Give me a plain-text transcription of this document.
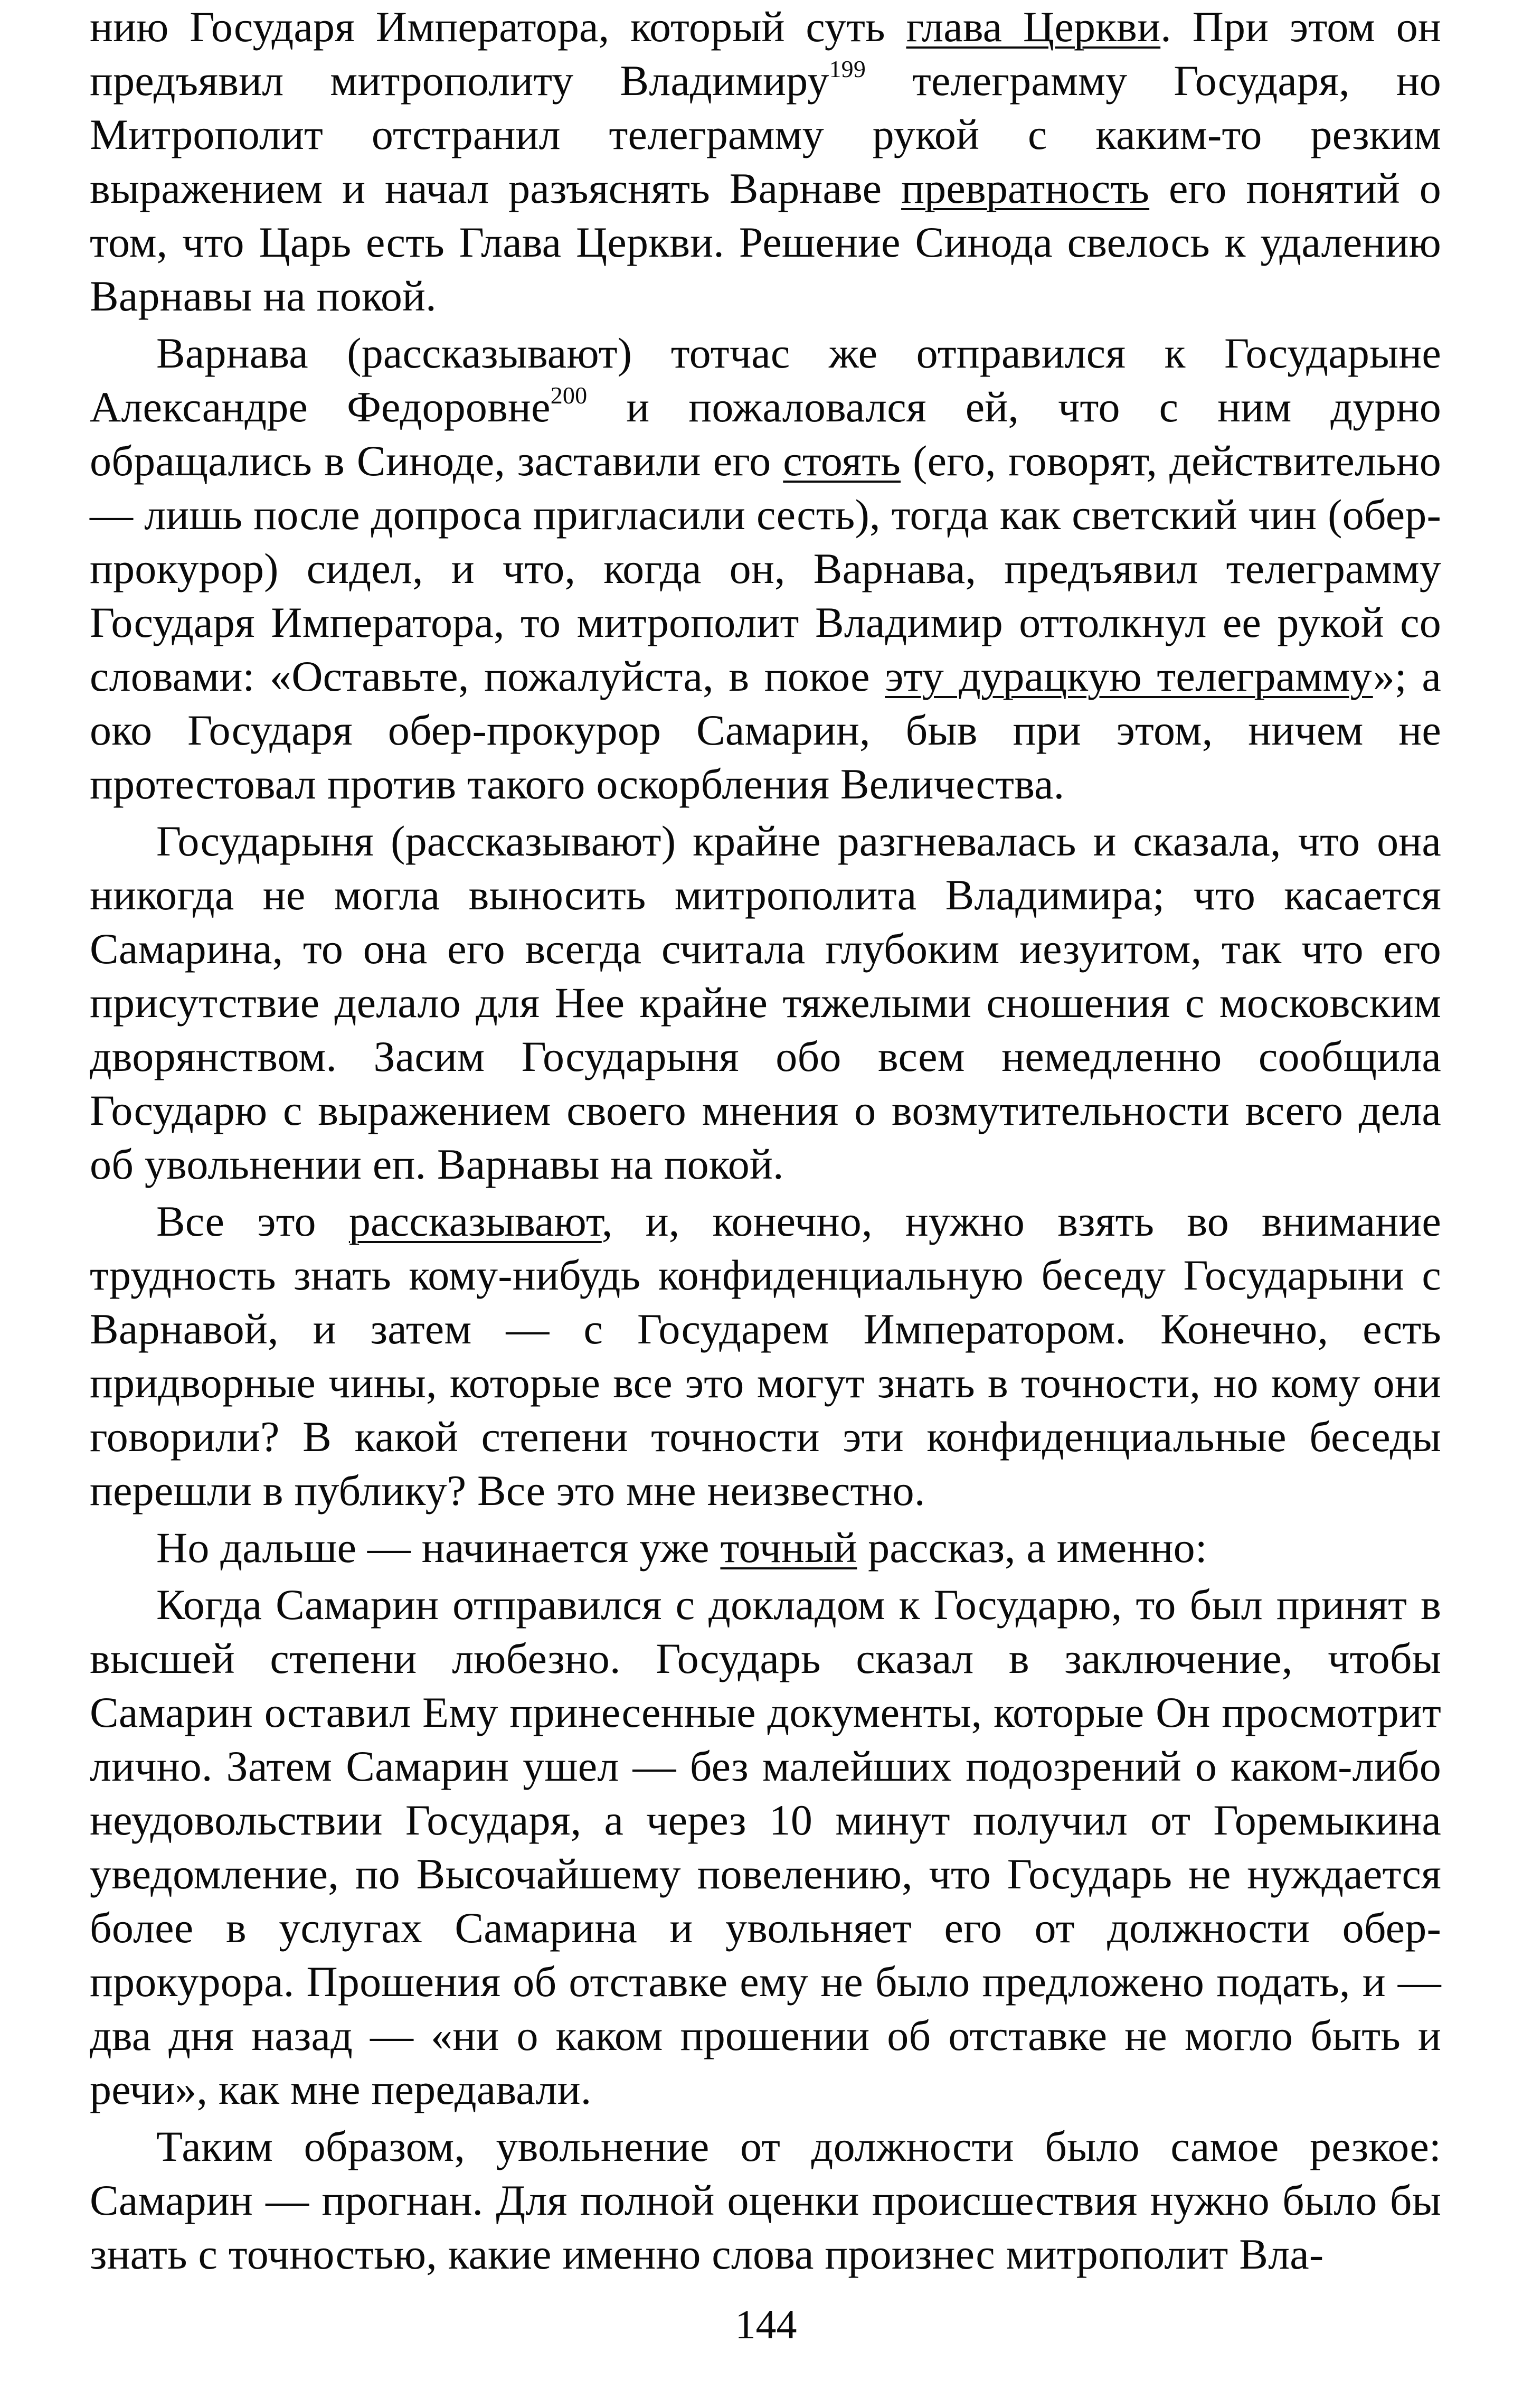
нию Государя Императора, который суть глава Церкви. При этом он предъявил митрополиту Владимиру$^{199}$ телеграмму Государя, но Митрополит отстранил телеграмму рукой с каким-то резким выражением и начал разъяснять Варнаве превратность его понятий о том, что Царь есть Глава Церкви. Решение Синода свелось к удалению Варнавы на покой.

Варнава (рассказывают) тотчас же отправился к Государыне Александре Федоровне$^{200}$ и пожаловался ей, что с ним дурно обращались в Синоде, заставили его стоять (его, говорят, действительно — лишь после допроса пригласили сесть), тогда как светский чин (обер-прокурор) сидел, и что, когда он, Варнава, предъявил телеграмму Государя Императора, то митрополит Владимир оттолкнул ее рукой со словами: «Оставьте, пожалуйста, в покое эту дурацкую телеграмму»; а око Государя обер-прокурор Самарин, быв при этом, ничем не протестовал против такого оскорбления Величества.

Государыня (рассказывают) крайне разгневалась и сказала, что она никогда не могла выносить митрополита Владимира; что касается Самарина, то она его всегда считала глубоким иезуитом, так что его присутствие делало для Нее крайне тяжелыми сношения с московским дворянством. Засим Государыня обо всем немедленно сообщила Государю с выражением своего мнения о возмутительности всего дела об увольнении еп. Варнавы на покой.

Все это рассказывают, и, конечно, нужно взять во внимание трудность знать кому-нибудь конфиденциальную беседу Государыни с Варнавой, и затем — с Государем Императором. Конечно, есть придворные чины, которые все это могут знать в точности, но кому они говорили? В какой степени точности эти конфиденциальные беседы перешли в публику? Все это мне неизвестно.

Но дальше — начинается уже точный рассказ, а именно:

Когда Самарин отправился с докладом к Государю, то был принят в высшей степени любезно. Государь сказал в заключение, чтобы Самарин оставил Ему принесенные документы, которые Он просмотрит лично. Затем Самарин ушел — без малейших подозрений о каком-либо неудовольствии Государя, а через 10 минут получил от Горемыкина уведомление, по Высочайшему повелению, что Государь не нуждается более в услугах Самарина и увольняет его от должности обер-прокурора. Прошения об отставке ему не было предложено подать, и — два дня назад — «ни о каком прошении об отставке не могло быть и речи», как мне передавали.

Таким образом, увольнение от должности было самое резкое: Самарин — прогнан. Для полной оценки происшествия нужно было бы знать с точностью, какие именно слова произнес митрополит Вла-

144
